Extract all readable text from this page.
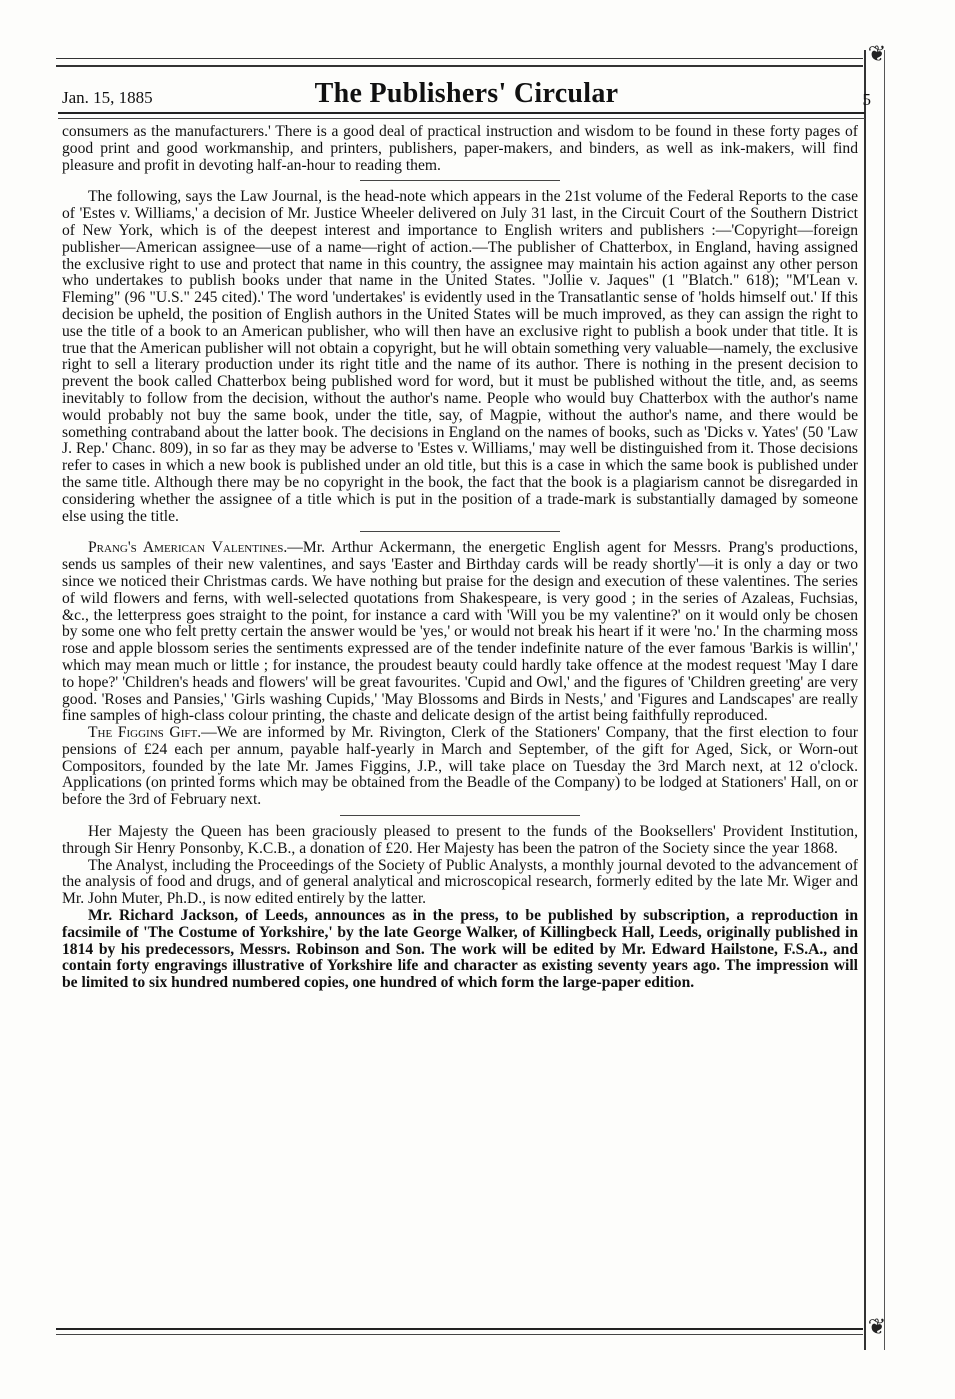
❦
Jan. 15, 1885	The Publishers' Circular	5

consumers as the manufacturers.' There is a good deal of practical instruction and wisdom to be found in these forty pages of good print and good workmanship, and printers, publishers, paper-makers, and binders, as well as ink-makers, will find pleasure and profit in devoting half-an-hour to reading them.

The following, says the Law Journal, is the head-note which appears in the 21st volume of the Federal Reports to the case of 'Estes v. Williams,' a decision of Mr. Justice Wheeler delivered on July 31 last, in the Circuit Court of the Southern District of New York, which is of the deepest interest and importance to English writers and publishers :—'Copyright—foreign publisher—American assignee—use of a name—right of action.—The publisher of Chatterbox, in England, having assigned the exclusive right to use and protect that name in this country, the assignee may maintain his action against any other person who undertakes to publish books under that name in the United States. "Jollie v. Jaques" (1 "Blatch." 618); "M'Lean v. Fleming" (96 "U.S." 245 cited).' The word 'undertakes' is evidently used in the Transatlantic sense of 'holds himself out.' If this decision be upheld, the position of English authors in the United States will be much improved, as they can assign the right to use the title of a book to an American publisher, who will then have an exclusive right to publish a book under that title. It is true that the American publisher will not obtain a copyright, but he will obtain something very valuable—namely, the exclusive right to sell a literary production under its right title and the name of its author. There is nothing in the present decision to prevent the book called Chatterbox being published word for word, but it must be published without the title, and, as seems inevitably to follow from the decision, without the author's name. People who would buy Chatterbox with the author's name would probably not buy the same book, under the title, say, of Magpie, without the author's name, and there would be something contraband about the latter book. The decisions in England on the names of books, such as 'Dicks v. Yates' (50 'Law J. Rep.' Chanc. 809), in so far as they may be adverse to 'Estes v. Williams,' may well be distinguished from it. Those decisions refer to cases in which a new book is published under an old title, but this is a case in which the same book is published under the same title. Although there may be no copyright in the book, the fact that the book is a plagiarism cannot be disregarded in considering whether the assignee of a title which is put in the position of a trade-mark is substantially damaged by someone else using the title.

Prang's American Valentines.—Mr. Arthur Ackermann, the energetic English agent for Messrs. Prang's productions, sends us samples of their new valentines, and says 'Easter and Birthday cards will be ready shortly'—it is only a day or two since we noticed their Christmas cards. We have nothing but praise for the design and execution of these valentines. The series of wild flowers and ferns, with well-selected quotations from Shakespeare, is very good ; in the series of Azaleas, Fuchsias, &c., the letterpress goes straight to the point, for instance a card with 'Will you be my valentine?' on it would only be chosen by some one who felt pretty certain the answer would be 'yes,' or would not break his heart if it were 'no.' In the charming moss rose and apple blossom series the sentiments expressed are of the tender indefinite nature of the ever famous 'Barkis is willin',' which may mean much or little ; for instance, the proudest beauty could hardly take offence at the modest request 'May I dare to hope?' 'Children's heads and flowers' will be great favourites. 'Cupid and Owl,' and the figures of 'Children greeting' are very good. 'Roses and Pansies,' 'Girls washing Cupids,' 'May Blossoms and Birds in Nests,' and 'Figures and Landscapes' are really fine samples of high-class colour printing, the chaste and delicate design of the artist being faithfully reproduced.

The Figgins Gift.—We are informed by Mr. Rivington, Clerk of the Stationers' Company, that the first election to four pensions of £24 each per annum, payable half-yearly in March and September, of the gift for Aged, Sick, or Worn-out Compositors, founded by the late Mr. James Figgins, J.P., will take place on Tuesday the 3rd March next, at 12 o'clock. Applications (on printed forms which may be obtained from the Beadle of the Company) to be lodged at Stationers' Hall, on or before the 3rd of February next.

Her Majesty the Queen has been graciously pleased to present to the funds of the Booksellers' Provident Institution, through Sir Henry Ponsonby, K.C.B., a donation of £20. Her Majesty has been the patron of the Society since the year 1868.

The Analyst, including the Proceedings of the Society of Public Analysts, a monthly journal devoted to the advancement of the analysis of food and drugs, and of general analytical and microscopical research, formerly edited by the late Mr. Wiger and Mr. John Muter, Ph.D., is now edited entirely by the latter.

Mr. Richard Jackson, of Leeds, announces as in the press, to be published by subscription, a reproduction in facsimile of 'The Costume of Yorkshire,' by the late George Walker, of Killingbeck Hall, Leeds, originally published in 1814 by his predecessors, Messrs. Robinson and Son. The work will be edited by Mr. Edward Hailstone, F.S.A., and contain forty engravings illustrative of Yorkshire life and character as existing seventy years ago. The impression will be limited to six hundred numbered copies, one hundred of which form the large-paper edition.

❦
